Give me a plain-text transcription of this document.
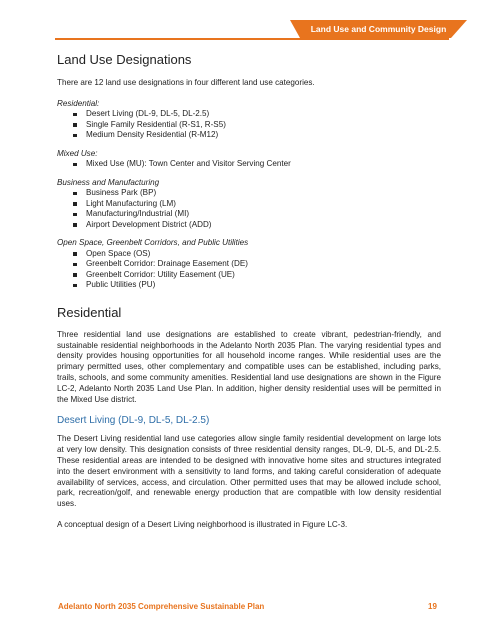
Land Use and Community Design
Land Use Designations

There are 12 land use designations in four different land use categories.

Residential:
Desert Living (DL-9, DL-5, DL-2.5)
Single Family Residential (R-S1, R-S5)
Medium Density Residential (R-M12)
Mixed Use:
Mixed Use (MU): Town Center and Visitor Serving Center
Business and Manufacturing
Business Park (BP)
Light Manufacturing (LM)
Manufacturing/Industrial (MI)
Airport Development District (ADD)
Open Space, Greenbelt Corridors, and Public Utilities
Open Space (OS)
Greenbelt Corridor: Drainage Easement (DE)
Greenbelt Corridor: Utility Easement (UE)
Public Utilities (PU)
Residential

Three residential land use designations are established to create vibrant, pedestrian-friendly, and sustainable residential neighborhoods in the Adelanto North 2035 Plan. The varying residential types and density provides housing opportunities for all household income ranges. While residential uses are the primary permitted uses, other complementary and compatible uses can be established, including parks, trails, schools, and some community amenities. Residential land use designations are shown in the Figure LC-2, Adelanto North 2035 Land Use Plan. In addition, higher density residential uses will be permitted in the Mixed Use district.

Desert Living (DL-9, DL-5, DL-2.5)

The Desert Living residential land use categories allow single family residential development on large lots at very low density. This designation consists of three residential density ranges, DL-9, DL-5, and DL-2.5. These residential areas are intended to be designed with innovative home sites and structures integrated into the desert environment with a sensitivity to land forms, and taking careful consideration of adequate availability of services, access, and circulation. Other permitted uses that may be allowed include school, park, recreation/golf, and renewable energy production that are compatible with low density residential uses.

A conceptual design of a Desert Living neighborhood is illustrated in Figure LC-3.

Adelanto North 2035 Comprehensive Sustainable Plan	19
